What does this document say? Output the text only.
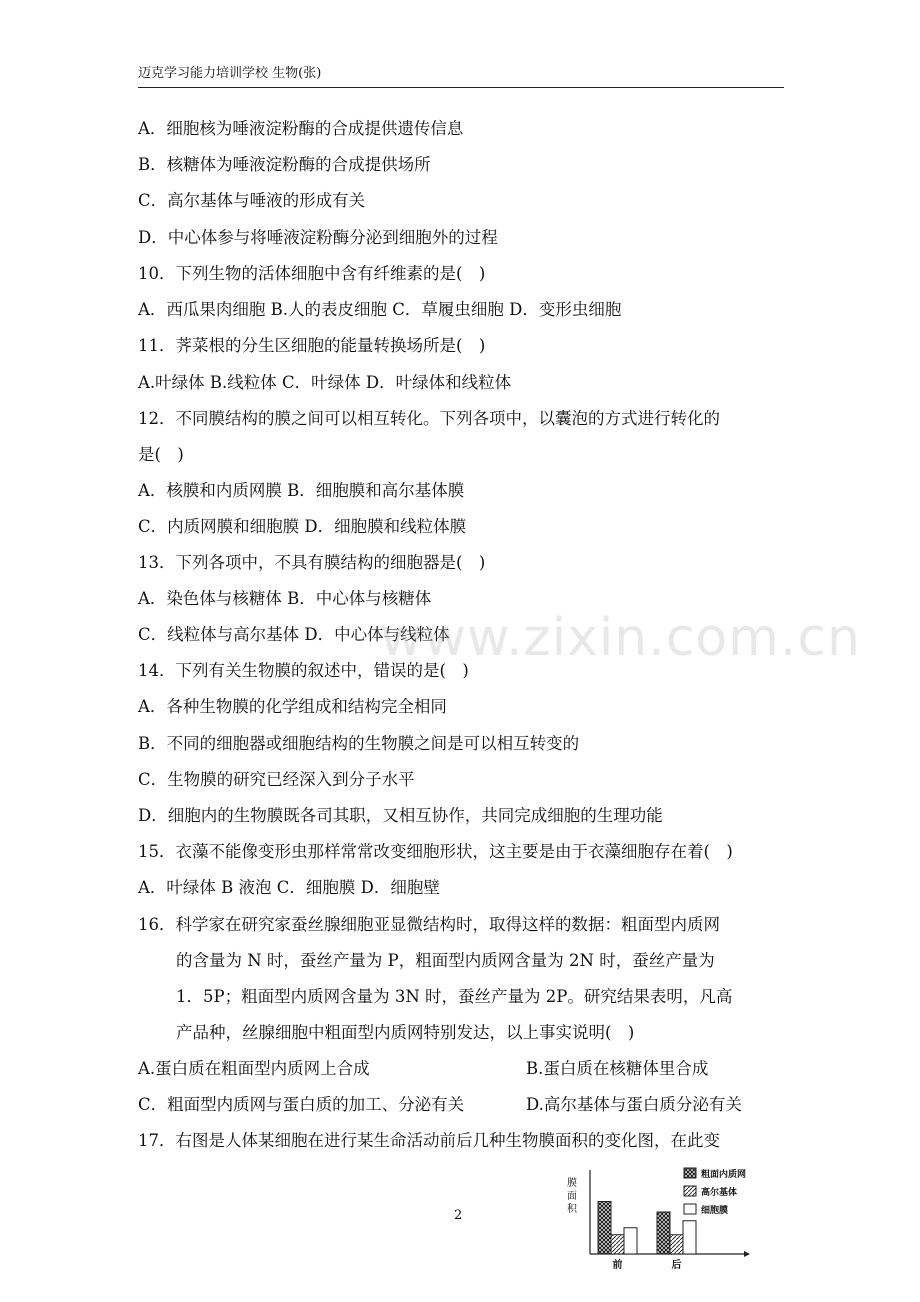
迈克学习能力培训学校 生物(张)
A．细胞核为唾液淀粉酶的合成提供遗传信息
B．核糖体为唾液淀粉酶的合成提供场所
C．高尔基体与唾液的形成有关
D．中心体参与将唾液淀粉酶分泌到细胞外的过程
10．下列生物的活体细胞中含有纤维素的是(　)
A．西瓜果肉细胞 B.人的表皮细胞 C．草履虫细胞 D．变形虫细胞
11．荠菜根的分生区细胞的能量转换场所是(　)
A.叶绿体 B.线粒体 C．叶绿体 D．叶绿体和线粒体
12．不同膜结构的膜之间可以相互转化。下列各项中，以囊泡的方式进行转化的
是(　)
A．核膜和内质网膜 B．细胞膜和高尔基体膜
C．内质网膜和细胞膜 D．细胞膜和线粒体膜
13．下列各项中，不具有膜结构的细胞器是(　)
A．染色体与核糖体 B．中心体与核糖体
C．线粒体与高尔基体 D．中心体与线粒体
14．下列有关生物膜的叙述中，错误的是(　)
A．各种生物膜的化学组成和结构完全相同
B．不同的细胞器或细胞结构的生物膜之间是可以相互转变的
C．生物膜的研究已经深入到分子水平
D．细胞内的生物膜既各司其职，又相互协作，共同完成细胞的生理功能
15．衣藻不能像变形虫那样常常改变细胞形状，这主要是由于衣藻细胞存在着(　)
A．叶绿体 B 液泡 C．细胞膜 D．细胞壁
16．科学家在研究家蚕丝腺细胞亚显微结构时，取得这样的数据：粗面型内质网
的含量为 N 时，蚕丝产量为 P，粗面型内质网含量为 2N 时，蚕丝产量为
1．5P；粗面型内质网含量为 3N 时，蚕丝产量为 2P。研究结果表明，凡高
产品种，丝腺细胞中粗面型内质网特别发达，以上事实说明(　)
A.蛋白质在粗面型内质网上合成	B.蛋白质在核糖体里合成
C．粗面型内质网与蛋白质的加工、分泌有关	D.高尔基体与蛋白质分泌有关
17．右图是人体某细胞在进行某生命活动前后几种生物膜面积的变化图，在此变
www.zixin.com.cn
2
膜
面
积
前	后
粗面内质网
高尔基体
细胞膜
